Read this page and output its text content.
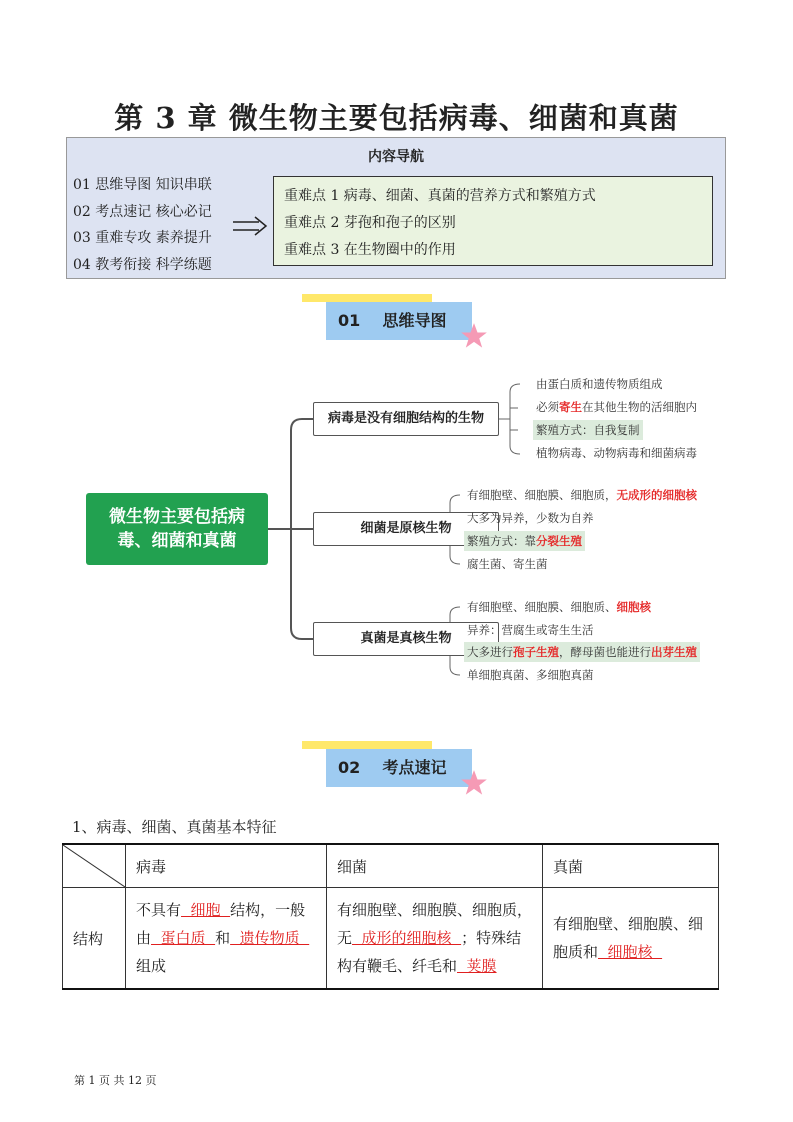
第 3 章 微生物主要包括病毒、细菌和真菌
内容导航
01 思维导图 知识串联
02 考点速记 核心必记
03 重难专攻 素养提升
04 教考衔接 科学练题
重难点 1 病毒、细菌、真菌的营养方式和繁殖方式
重难点 2 芽孢和孢子的区别
重难点 3 在生物圈中的作用
01 思维导图
微生物主要包括病
毒、细菌和真菌
病毒是没有细胞结构的生物
由蛋白质和遗传物质组成
必须寄生在其他生物的活细胞内
繁殖方式：自我复制
植物病毒、动物病毒和细菌病毒
细菌是原核生物
有细胞壁、细胞膜、细胞质，无成形的细胞核
大多为异养，少数为自养
繁殖方式：靠分裂生殖
腐生菌、寄生菌
真菌是真核生物
有细胞壁、细胞膜、细胞质、细胞核
异养：营腐生或寄生生活
大多进行孢子生殖，酵母菌也能进行出芽生殖
单细胞真菌、多细胞真菌
02 考点速记
1、病毒、细菌、真菌基本特征
	病毒	细菌	真菌
结构	不具有  细胞  结构，一般由  蛋白质  和  遗传物质  组成	有细胞壁、细胞膜、细胞质，无  成形的细胞核  ；特殊结构有鞭毛、纤毛和  荚膜	有细胞壁、细胞膜、细胞质和  细胞核
第 1 页 共 12 页
